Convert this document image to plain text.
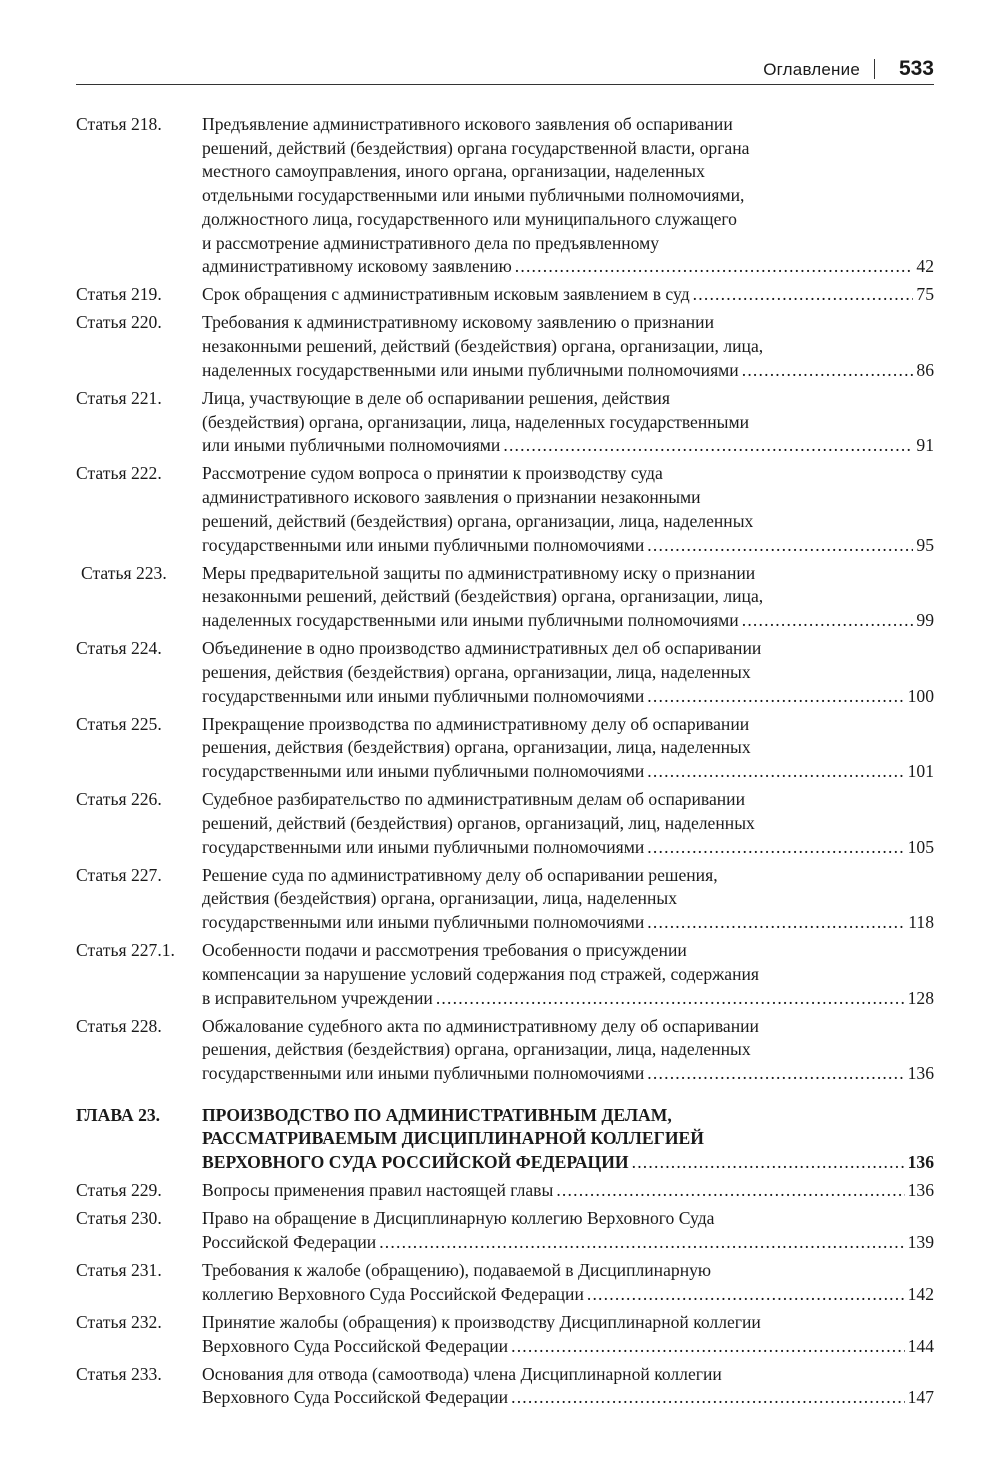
Оглавление 533
Статья 218. Предъявление административного искового заявления об оспаривании
решений, действий (бездействия) органа государственной власти, органа
местного самоуправления, иного органа, организации, наделенных
отдельными государственными или иными публичными полномочиями,
должностного лица, государственного или муниципального служащего
и рассмотрение административного дела по предъявленному
административному исковому заявлению .....	42
Статья 219. Срок обращения с административным исковым заявлением в суд .....	75
Статья 220. Требования к административному исковому заявлению о признании
незаконными решений, действий (бездействия) органа, организации, лица,
наделенных государственными или иными публичными полномочиями .....	86
Статья 221. Лица, участвующие в деле об оспаривании решения, действия
(бездействия) органа, организации, лица, наделенных государственными
или иными публичными полномочиями .....	91
Статья 222. Рассмотрение судом вопроса о принятии к производству суда
административного искового заявления о признании незаконными
решений, действий (бездействия) органа, организации, лица, наделенных
государственными или иными публичными полномочиями .....	95
Статья 223. Меры предварительной защиты по административному иску о признании
незаконными решений, действий (бездействия) органа, организации, лица,
наделенных государственными или иными публичными полномочиями .....	99
Статья 224. Объединение в одно производство административных дел об оспаривании
решения, действия (бездействия) органа, организации, лица, наделенных
государственными или иными публичными полномочиями .....	100
Статья 225. Прекращение производства по административному делу об оспаривании
решения, действия (бездействия) органа, организации, лица, наделенных
государственными или иными публичными полномочиями .....	101
Статья 226. Судебное разбирательство по административным делам об оспаривании
решений, действий (бездействия) органов, организаций, лиц, наделенных
государственными или иными публичными полномочиями .....	105
Статья 227. Решение суда по административному делу об оспаривании решения,
действия (бездействия) органа, организации, лица, наделенных
государственными или иными публичными полномочиями .....	118
Статья 227.1. Особенности подачи и рассмотрения требования о присуждении
компенсации за нарушение условий содержания под стражей, содержания
в исправительном учреждении .....	128
Статья 228. Обжалование судебного акта по административному делу об оспаривании
решения, действия (бездействия) органа, организации, лица, наделенных
государственными или иными публичными полномочиями .....	136
ГЛАВА 23. ПРОИЗВОДСТВО ПО АДМИНИСТРАТИВНЫМ ДЕЛАМ,
РАССМАТРИВАЕМЫМ ДИСЦИПЛИНАРНОЙ КОЛЛЕГИЕЙ
ВЕРХОВНОГО СУДА РОССИЙСКОЙ ФЕДЕРАЦИИ .....	136
Статья 229. Вопросы применения правил настоящей главы .....	136
Статья 230. Право на обращение в Дисциплинарную коллегию Верховного Суда
Российской Федерации .....	139
Статья 231. Требования к жалобе (обращению), подаваемой в Дисциплинарную
коллегию Верховного Суда Российской Федерации .....	142
Статья 232. Принятие жалобы (обращения) к производству Дисциплинарной коллегии
Верховного Суда Российской Федерации .....	144
Статья 233. Основания для отвода (самоотвода) члена Дисциплинарной коллегии
Верховного Суда Российской Федерации .....	147
